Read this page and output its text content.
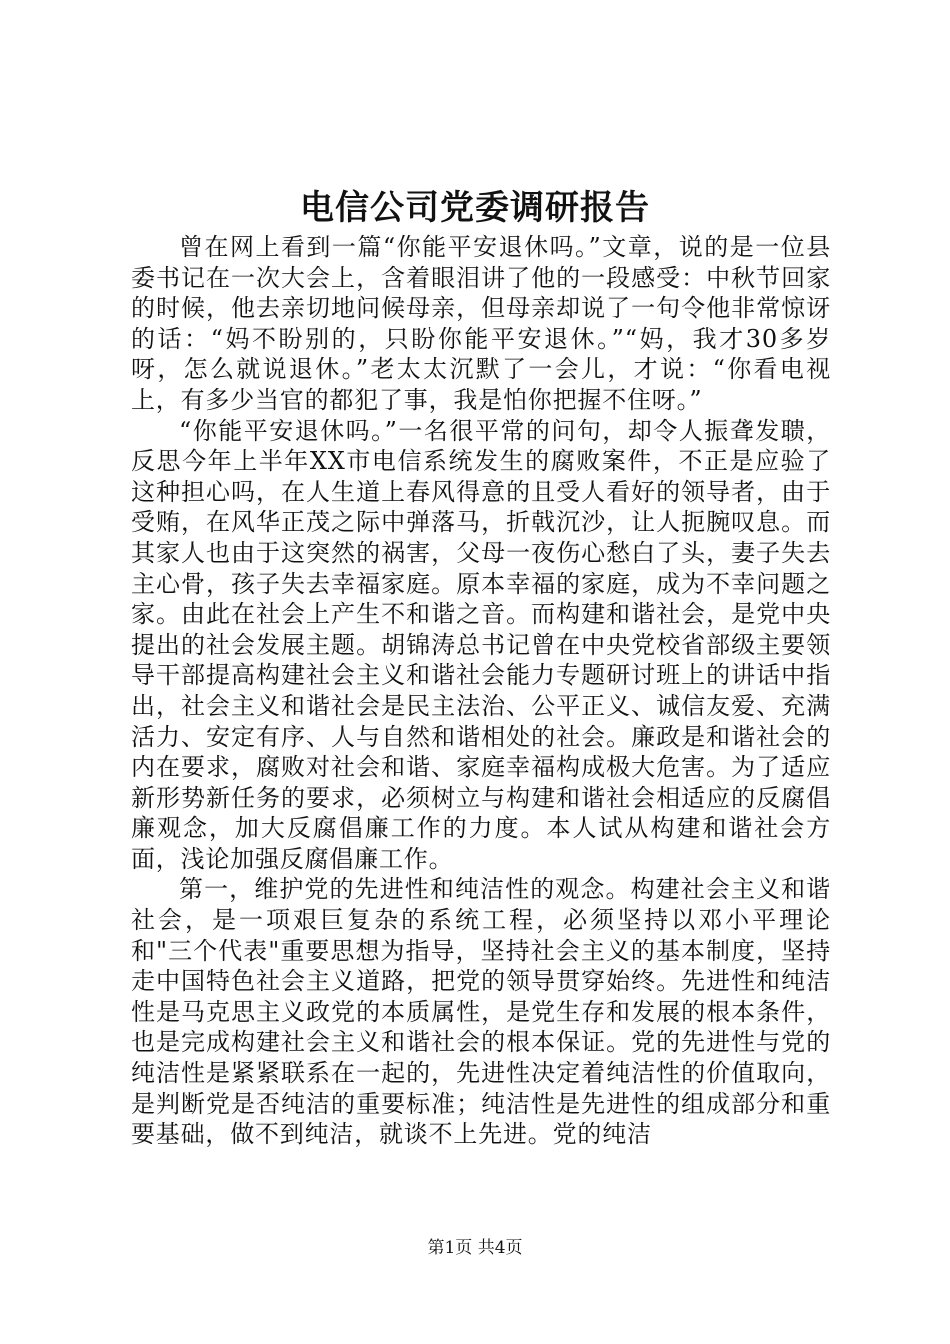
电信公司党委调研报告

曾在网上看到一篇“你能平安退休吗。”文章，说的是一位县委书记在一次大会上，含着眼泪讲了他的一段感受：中秋节回家的时候，他去亲切地问候母亲，但母亲却说了一句令他非常惊讶的话：“妈不盼别的，只盼你能平安退休。”“妈，我才30多岁呀，怎么就说退休。”老太太沉默了一会儿，才说：“你看电视上，有多少当官的都犯了事，我是怕你把握不住呀。”

“你能平安退休吗。”一名很平常的问句，却令人振聋发聩，反思今年上半年XX市电信系统发生的腐败案件，不正是应验了这种担心吗，在人生道上春风得意的且受人看好的领导者，由于受贿，在风华正茂之际中弹落马，折戟沉沙，让人扼腕叹息。而其家人也由于这突然的祸害，父母一夜伤心愁白了头，妻子失去主心骨，孩子失去幸福家庭。原本幸福的家庭，成为不幸问题之家。由此在社会上产生不和谐之音。而构建和谐社会，是党中央提出的社会发展主题。胡锦涛总书记曾在中央党校省部级主要领导干部提高构建社会主义和谐社会能力专题研讨班上的讲话中指出，社会主义和谐社会是民主法治、公平正义、诚信友爱、充满活力、安定有序、人与自然和谐相处的社会。廉政是和谐社会的内在要求，腐败对社会和谐、家庭幸福构成极大危害。为了适应新形势新任务的要求，必须树立与构建和谐社会相适应的反腐倡廉观念，加大反腐倡廉工作的力度。本人试从构建和谐社会方面，浅论加强反腐倡廉工作。

第一，维护党的先进性和纯洁性的观念。构建社会主义和谐社会，是一项艰巨复杂的系统工程，必须坚持以邓小平理论和"三个代表"重要思想为指导，坚持社会主义的基本制度，坚持走中国特色社会主义道路，把党的领导贯穿始终。先进性和纯洁性是马克思主义政党的本质属性，是党生存和发展的根本条件，也是完成构建社会主义和谐社会的根本保证。党的先进性与党的纯洁性是紧紧联系在一起的，先进性决定着纯洁性的价值取向，是判断党是否纯洁的重要标准；纯洁性是先进性的组成部分和重要基础，做不到纯洁，就谈不上先进。党的纯洁

第1页 共4页
